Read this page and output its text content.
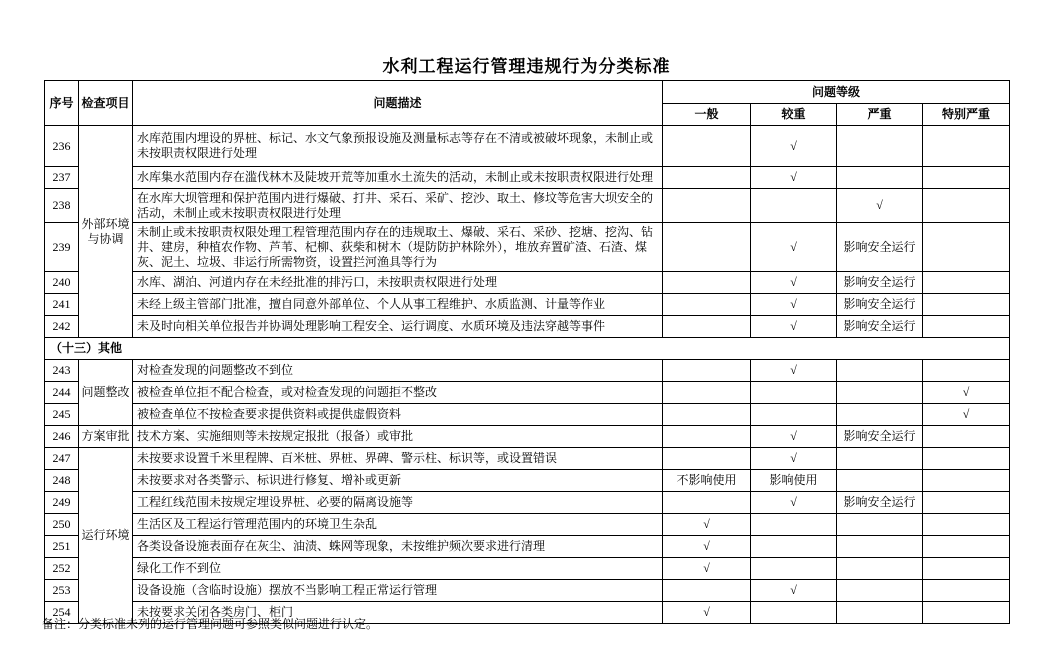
水利工程运行管理违规行为分类标准
序号	检查项目	问题描述	问题等级			
			一般	较重	严重	特别严重
236	外部环境与协调	水库范围内埋设的界桩、标记、水文气象预报设施及测量标志等存在不清或被破坏现象，未制止或未按职责权限进行处理		√		
237		水库集水范围内存在滥伐林木及陡坡开荒等加重水土流失的活动，未制止或未按职责权限进行处理		√		
238		在水库大坝管理和保护范围内进行爆破、打井、采石、采矿、挖沙、取土、修坟等危害大坝安全的活动，未制止或未按职责权限进行处理			√	
239		未制止或未按职责权限处理工程管理范围内存在的违规取土、爆破、采石、采砂、挖塘、挖沟、钻井、建房，种植农作物、芦苇、杞柳、荻柴和树木（堤防防护林除外），堆放弃置矿渣、石渣、煤灰、泥土、垃圾、非运行所需物资，设置拦河渔具等行为		√	影响安全运行	
240		水库、湖泊、河道内存在未经批准的排污口，未按职责权限进行处理		√	影响安全运行	
241		未经上级主管部门批准，擅自同意外部单位、个人从事工程维护、水质监测、计量等作业		√	影响安全运行	
242		未及时向相关单位报告并协调处理影响工程安全、运行调度、水质环境及违法穿越等事件		√	影响安全运行	
（十三）其他						
243	问题整改	对检查发现的问题整改不到位		√		
244		被检查单位拒不配合检查，或对检查发现的问题拒不整改				√
245		被检查单位不按检查要求提供资料或提供虚假资料				√
246	方案审批	技术方案、实施细则等未按规定报批（报备）或审批		√	影响安全运行	
247	运行环境	未按要求设置千米里程牌、百米桩、界桩、界碑、警示柱、标识等，或设置错误		√		
248		未按要求对各类警示、标识进行修复、增补或更新	不影响使用	影响使用		
249		工程红线范围未按规定埋设界桩、必要的隔离设施等		√	影响安全运行	
250		生活区及工程运行管理范围内的环境卫生杂乱	√			
251		各类设备设施表面存在灰尘、油渍、蛛网等现象，未按维护频次要求进行清理	√			
252		绿化工作不到位	√			
253		设备设施（含临时设施）摆放不当影响工程正常运行管理		√		
254		未按要求关闭各类房门、柜门	√			
备注：分类标准未列的运行管理问题可参照类似问题进行认定。
